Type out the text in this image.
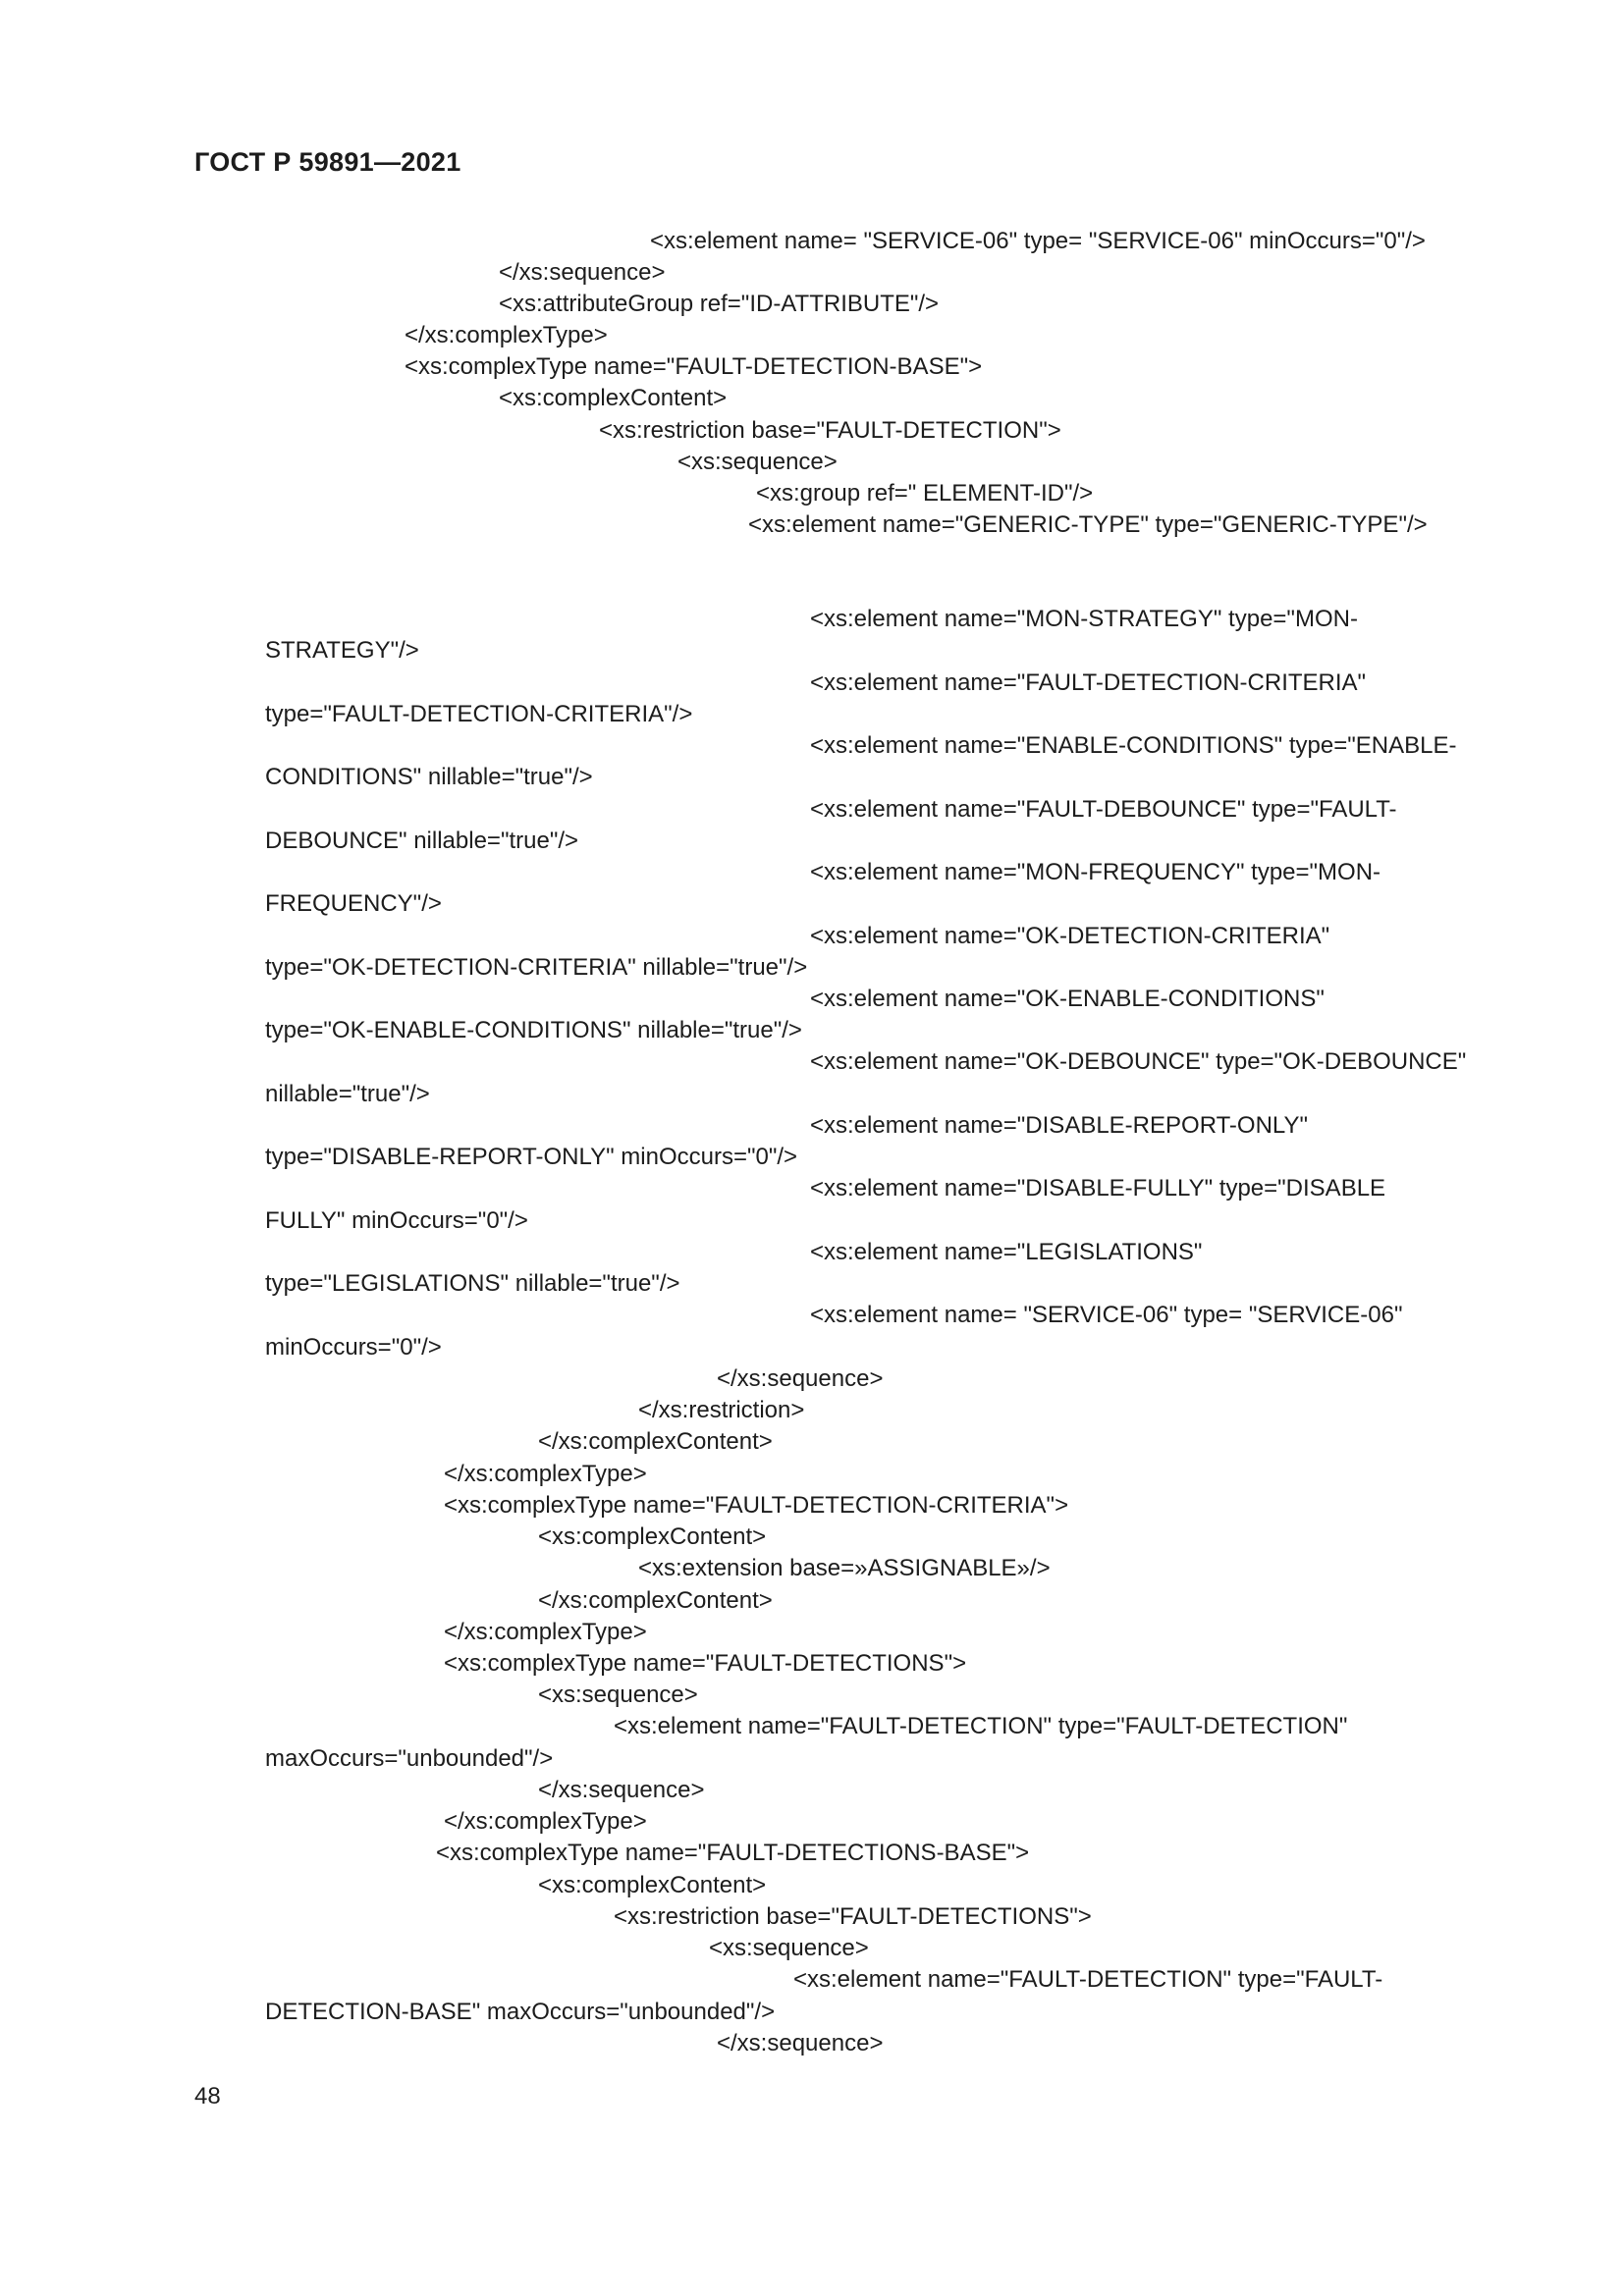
ГОСТ Р 59891—2021
<xs:element name= "SERVICE-06" type= "SERVICE-06" minOccurs="0"/>
</xs:sequence>
<xs:attributeGroup ref="ID-ATTRIBUTE"/>
</xs:complexType>
<xs:complexType name="FAULT-DETECTION-BASE">
<xs:complexContent>
<xs:restriction base="FAULT-DETECTION">
<xs:sequence>
<xs:group ref=" ELEMENT-ID"/>
<xs:element name="GENERIC-TYPE" type="GENERIC-TYPE"/>
<xs:element name="MON-STRATEGY" type="MON-
STRATEGY"/>
<xs:element name="FAULT-DETECTION-CRITERIA"
type="FAULT-DETECTION-CRITERIA"/>
<xs:element name="ENABLE-CONDITIONS" type="ENABLE-
CONDITIONS" nillable="true"/>
<xs:element name="FAULT-DEBOUNCE" type="FAULT-
DEBOUNCE" nillable="true"/>
<xs:element name="MON-FREQUENCY" type="MON-
FREQUENCY"/>
<xs:element name="OK-DETECTION-CRITERIA"
type="OK-DETECTION-CRITERIA" nillable="true"/>
<xs:element name="OK-ENABLE-CONDITIONS"
type="OK-ENABLE-CONDITIONS" nillable="true"/>
<xs:element name="OK-DEBOUNCE" type="OK-DEBOUNCE"
nillable="true"/>
<xs:element name="DISABLE-REPORT-ONLY"
type="DISABLE-REPORT-ONLY" minOccurs="0"/>
<xs:element name="DISABLE-FULLY" type="DISABLE
FULLY" minOccurs="0"/>
<xs:element name="LEGISLATIONS"
type="LEGISLATIONS" nillable="true"/>
<xs:element name= "SERVICE-06" type= "SERVICE-06"
minOccurs="0"/>
</xs:sequence>
</xs:restriction>
</xs:complexContent>
</xs:complexType>
<xs:complexType name="FAULT-DETECTION-CRITERIA">
<xs:complexContent>
<xs:extension base=»ASSIGNABLE»/>
</xs:complexContent>
</xs:complexType>
<xs:complexType name="FAULT-DETECTIONS">
<xs:sequence>
<xs:element name="FAULT-DETECTION" type="FAULT-DETECTION"
maxOccurs="unbounded"/>
</xs:sequence>
</xs:complexType>
<xs:complexType name="FAULT-DETECTIONS-BASE">
<xs:complexContent>
<xs:restriction base="FAULT-DETECTIONS">
<xs:sequence>
<xs:element name="FAULT-DETECTION" type="FAULT-
DETECTION-BASE" maxOccurs="unbounded"/>
</xs:sequence>
48
